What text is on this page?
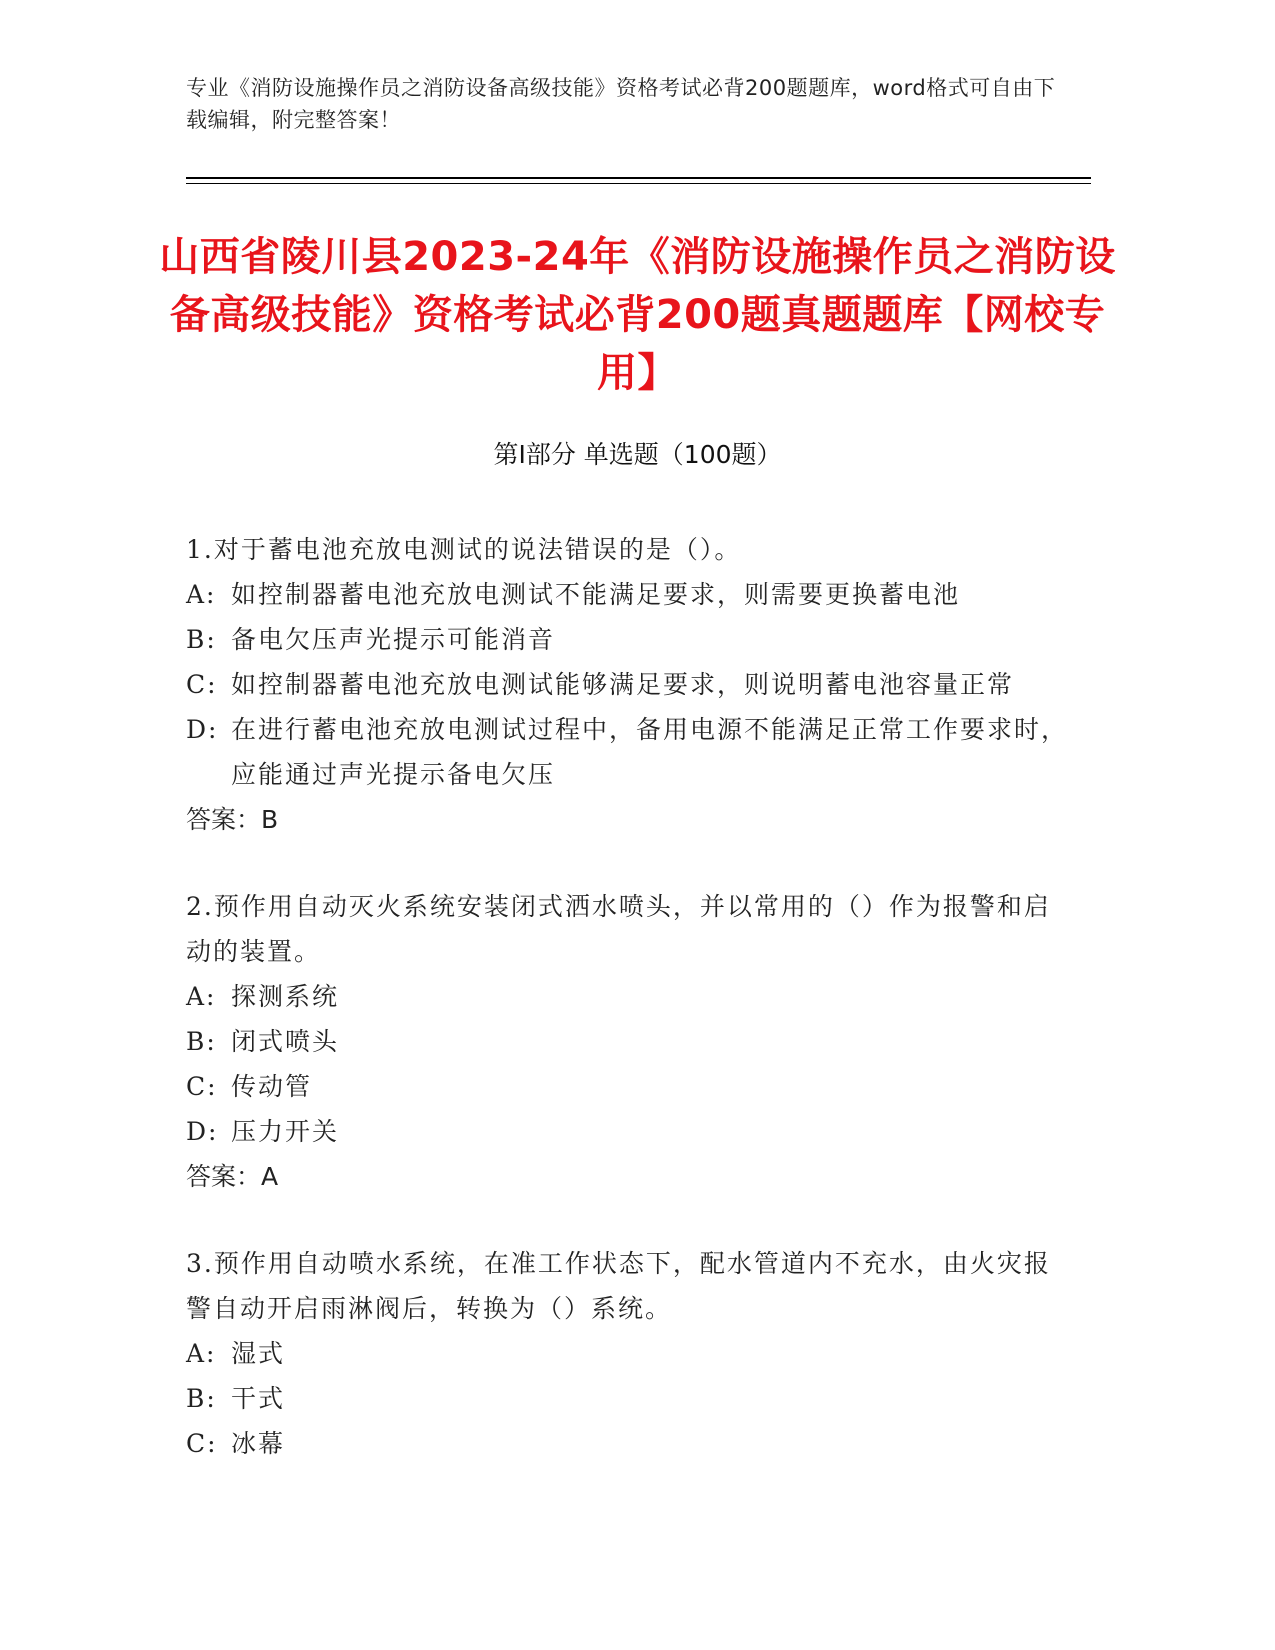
专业《消防设施操作员之消防设备高级技能》资格考试必背200题题库，word格式可自由下载编辑，附完整答案！
山西省陵川县2023-24年《消防设施操作员之消防设备高级技能》资格考试必背200题真题题库【网校专用】
第Ⅰ部分 单选题（100题）

1.对于蓄电池充放电测试的说法错误的是（）。

A: 如控制器蓄电池充放电测试不能满足要求，则需要更换蓄电池
B: 备电欠压声光提示可能消音
C: 如控制器蓄电池充放电测试能够满足要求，则说明蓄电池容量正常
D: 在进行蓄电池充放电测试过程中，备用电源不能满足正常工作要求时，应能通过声光提示备电欠压

答案：B

2.预作用自动灭火系统安装闭式洒水喷头，并以常用的（）作为报警和启动的装置。

A: 探测系统
B: 闭式喷头
C: 传动管
D: 压力开关

答案：A

3.预作用自动喷水系统，在准工作状态下，配水管道内不充水，由火灾报警自动开启雨淋阀后，转换为（）系统。

A: 湿式
B: 干式
C: 冰幕
